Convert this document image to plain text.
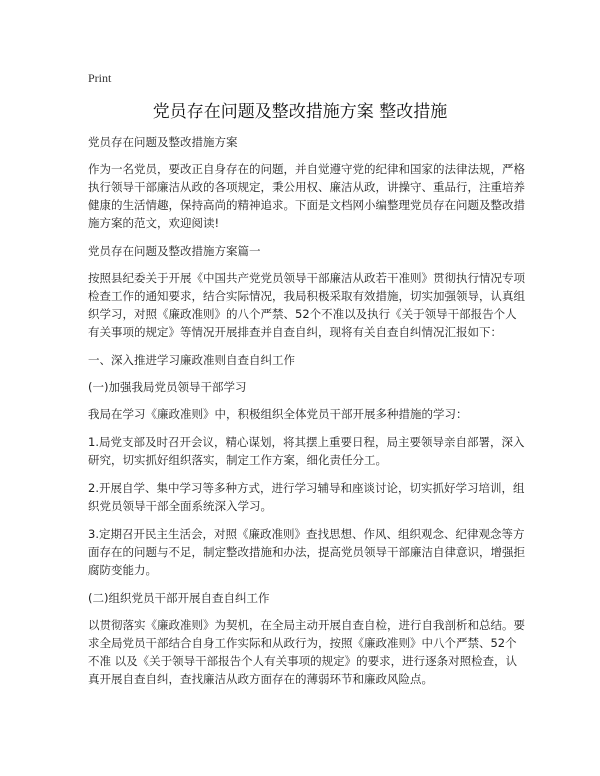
Print
党员存在问题及整改措施方案 整改措施

党员存在问题及整改措施方案

作为一名党员，要改正自身存在的问题，并自觉遵守党的纪律和国家的法律法规，严格执行领导干部廉洁从政的各项规定，秉公用权、廉洁从政，讲操守、重品行，注重培养健康的生活情趣，保持高尚的精神追求。下面是文档网小编整理党员存在问题及整改措施方案的范文，欢迎阅读!

党员存在问题及整改措施方案篇一

按照县纪委关于开展《中国共产党党员领导干部廉洁从政若干准则》贯彻执行情况专项检查工作的通知要求，结合实际情况，我局积极采取有效措施，切实加强领导，认真组织学习，对照《廉政准则》的八个严禁、52个不准以及执行《关于领导干部报告个人有关事项的规定》等情况开展排查并自查自纠，现将有关自查自纠情况汇报如下：

一、深入推进学习廉政准则自查自纠工作

(一)加强我局党员领导干部学习

我局在学习《廉政准则》中，积极组织全体党员干部开展多种措施的学习：

1.局党支部及时召开会议，精心谋划，将其摆上重要日程，局主要领导亲自部署，深入研究，切实抓好组织落实，制定工作方案，细化责任分工。

2.开展自学、集中学习等多种方式，进行学习辅导和座谈讨论，切实抓好学习培训，组织党员领导干部全面系统深入学习。

3.定期召开民主生活会，对照《廉政准则》查找思想、作风、组织观念、纪律观念等方面存在的问题与不足，制定整改措施和办法，提高党员领导干部廉洁自律意识，增强拒腐防变能力。

(二)组织党员干部开展自查自纠工作

以贯彻落实《廉政准则》为契机，在全局主动开展自查自检，进行自我剖析和总结。要求全局党员干部结合自身工作实际和从政行为，按照《廉政准则》中八个严禁、52个不准 以及《关于领导干部报告个人有关事项的规定》的要求，进行逐条对照检查，认真开展自查自纠，查找廉洁从政方面存在的薄弱环节和廉政风险点。
